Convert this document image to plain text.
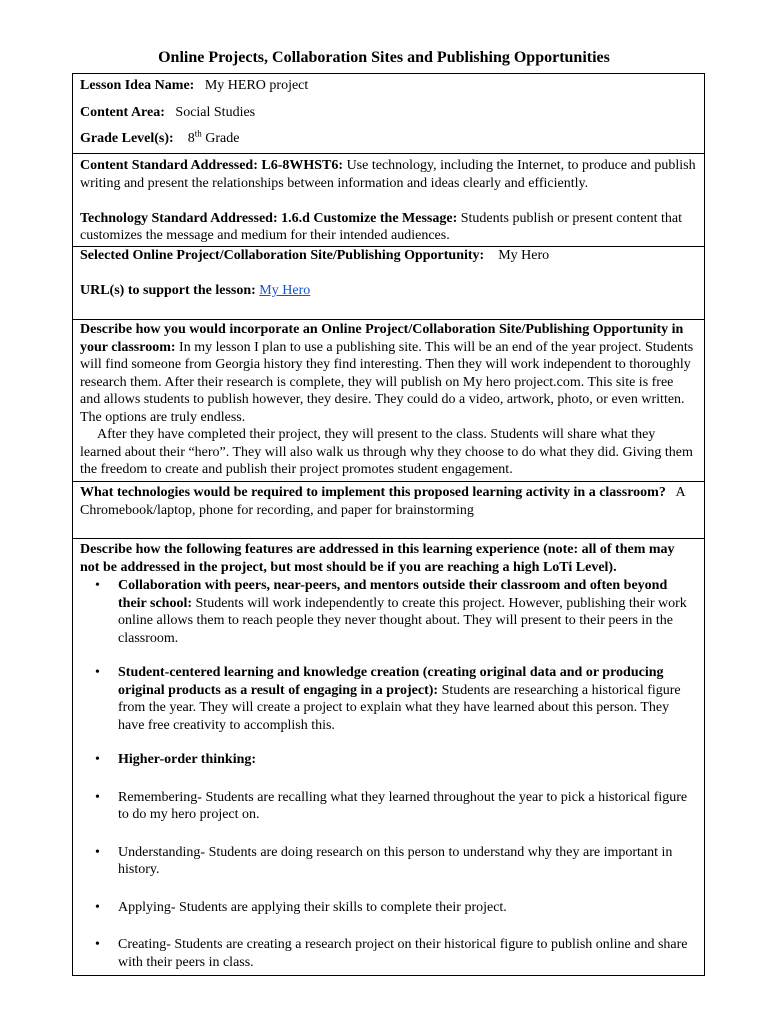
Online Projects, Collaboration Sites and Publishing Opportunities

Lesson Idea Name: My HERO project

Content Area: Social Studies

Grade Level(s): 8th Grade

Content Standard Addressed: L6-8WHST6: Use technology, including the Internet, to produce and publish writing and present the relationships between information and ideas clearly and efficiently.

Technology Standard Addressed: 1.6.d Customize the Message: Students publish or present content that customizes the message and medium for their intended audiences.

Selected Online Project/Collaboration Site/Publishing Opportunity: My Hero

URL(s) to support the lesson: My Hero

Describe how you would incorporate an Online Project/Collaboration Site/Publishing Opportunity in your classroom: In my lesson I plan to use a publishing site. This will be an end of the year project. Students will find someone from Georgia history they find interesting. Then they will work independent to thoroughly research them. After their research is complete, they will publish on My hero project.com. This site is free and allows students to publish however, they desire. They could do a video, artwork, photo, or even written. The options are truly endless.

After they have completed their project, they will present to the class. Students will share what they learned about their “hero”. They will also walk us through why they choose to do what they did. Giving them the freedom to create and publish their project promotes student engagement.

What technologies would be required to implement this proposed learning activity in a classroom? A Chromebook/laptop, phone for recording, and paper for brainstorming

Describe how the following features are addressed in this learning experience (note: all of them may not be addressed in the project, but most should be if you are reaching a high LoTi Level).

• Collaboration with peers, near-peers, and mentors outside their classroom and often beyond their school: Students will work independently to create this project. However, publishing their work online allows them to reach people they never thought about. They will present to their peers in the classroom.
• Student-centered learning and knowledge creation (creating original data and or producing original products as a result of engaging in a project): Students are researching a historical figure from the year. They will create a project to explain what they have learned about this person. They have free creativity to accomplish this.
• Higher-order thinking:
• Remembering- Students are recalling what they learned throughout the year to pick a historical figure to do my hero project on.
• Understanding- Students are doing research on this person to understand why they are important in history.
• Applying- Students are applying their skills to complete their project.
• Creating- Students are creating a research project on their historical figure to publish online and share with their peers in class.
